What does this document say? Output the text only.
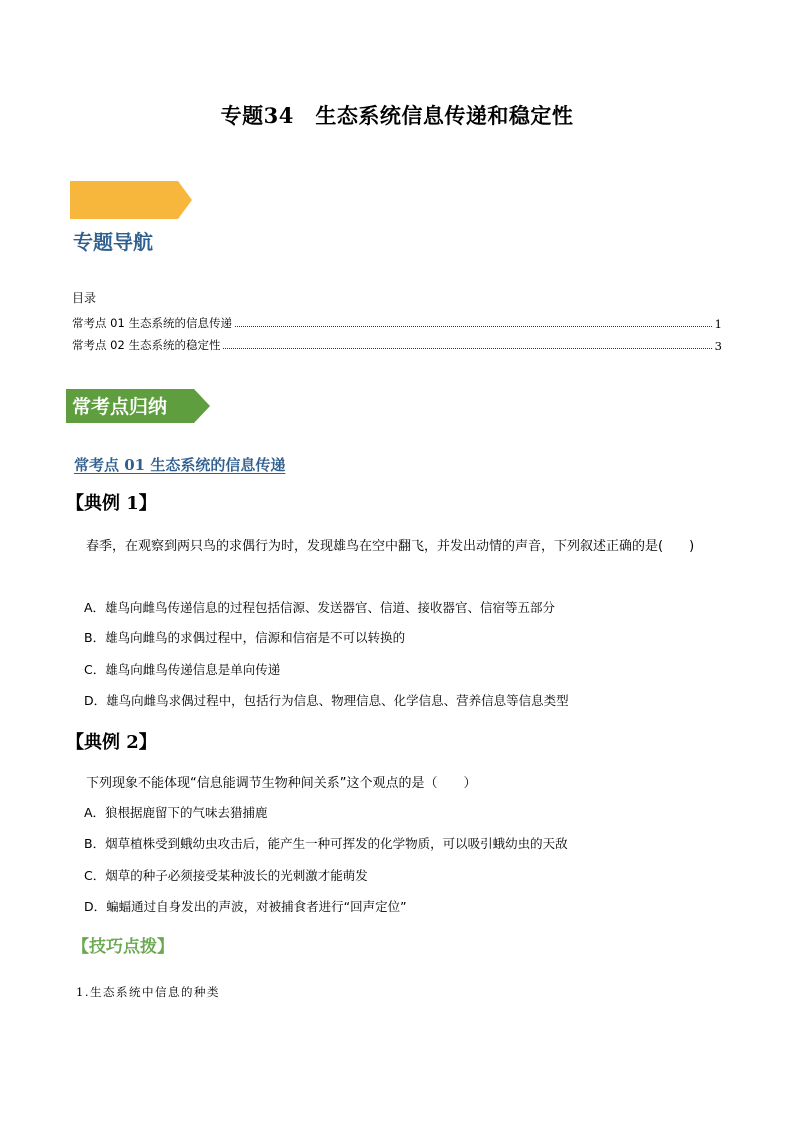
专题34　生态系统信息传递和稳定性
专题导航
目录
常考点 01 生态系统的信息传递	1
常考点 02 生态系统的稳定性	3
常考点归纳
常考点 01 生态系统的信息传递
【典例 1】
春季，在观察到两只鸟的求偶行为时，发现雄鸟在空中翻飞，并发出动情的声音，下列叙述正确的是(　　)
A．雄鸟向雌鸟传递信息的过程包括信源、发送器官、信道、接收器官、信宿等五部分
B．雄鸟向雌鸟的求偶过程中，信源和信宿是不可以转换的
C．雄鸟向雌鸟传递信息是单向传递
D．雄鸟向雌鸟求偶过程中，包括行为信息、物理信息、化学信息、营养信息等信息类型
【典例 2】
下列现象不能体现“信息能调节生物种间关系”这个观点的是（　　）
A．狼根据鹿留下的气味去猎捕鹿
B．烟草植株受到蛾幼虫攻击后，能产生一种可挥发的化学物质，可以吸引蛾幼虫的天敌
C．烟草的种子必须接受某种波长的光刺激才能萌发
D．蝙蝠通过自身发出的声波，对被捕食者进行“回声定位”
【技巧点拨】
1.生态系统中信息的种类
